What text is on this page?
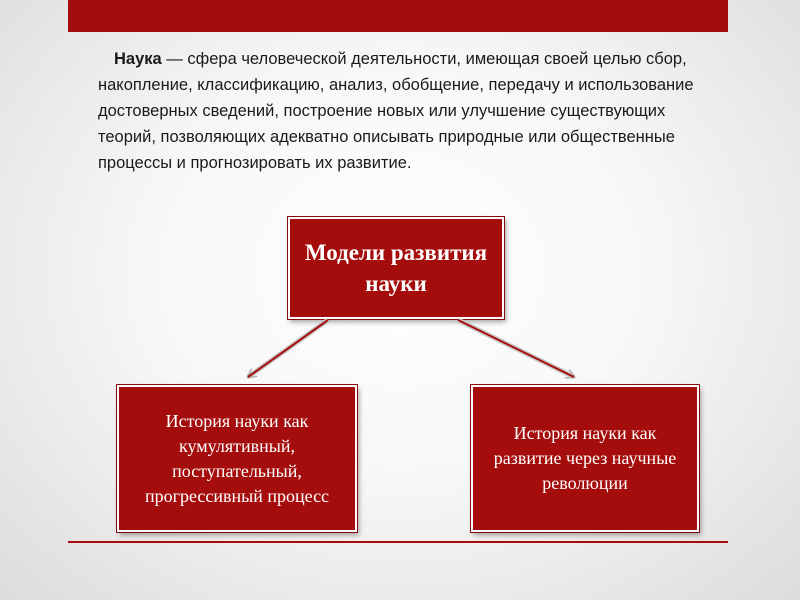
Наука — сфера человеческой деятельности, имеющая своей целью сбор, накопление, классификацию, анализ, обобщение, передачу и использование достоверных сведений, построение новых или улучшение существующих теорий, позволяющих адекватно описывать природные или общественные процессы и прогнозировать их развитие.
Модели развития науки
История науки как кумулятивный, поступательный, прогрессивный процесс
История науки как развитие через научные революции
